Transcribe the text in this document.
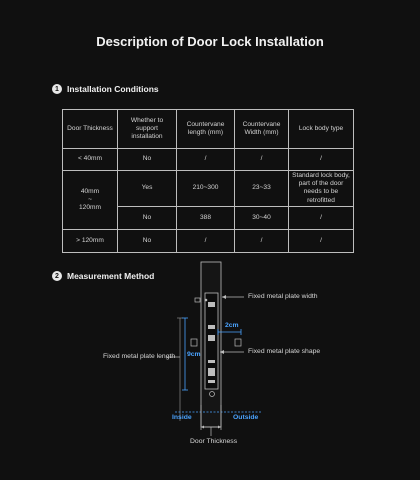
Description of Door Lock Installation
1 Installation Conditions
Door Thickness	Whether to support installation	Countervane length (mm)	Countervane Width (mm)	Lock body type
< 40mm	No	/	/	/

40mm
~
120mm	Yes	210~300	23~33	Standard lock body, part of the door needs to be retrofitted
	No	388	30~40	/
> 120mm	No	/	/	/
2 Measurement Method
Fixed metal plate width
Fixed metal plate length
Fixed metal plate shape
2cm
9cm
Inside	Outside
Door Thickness
